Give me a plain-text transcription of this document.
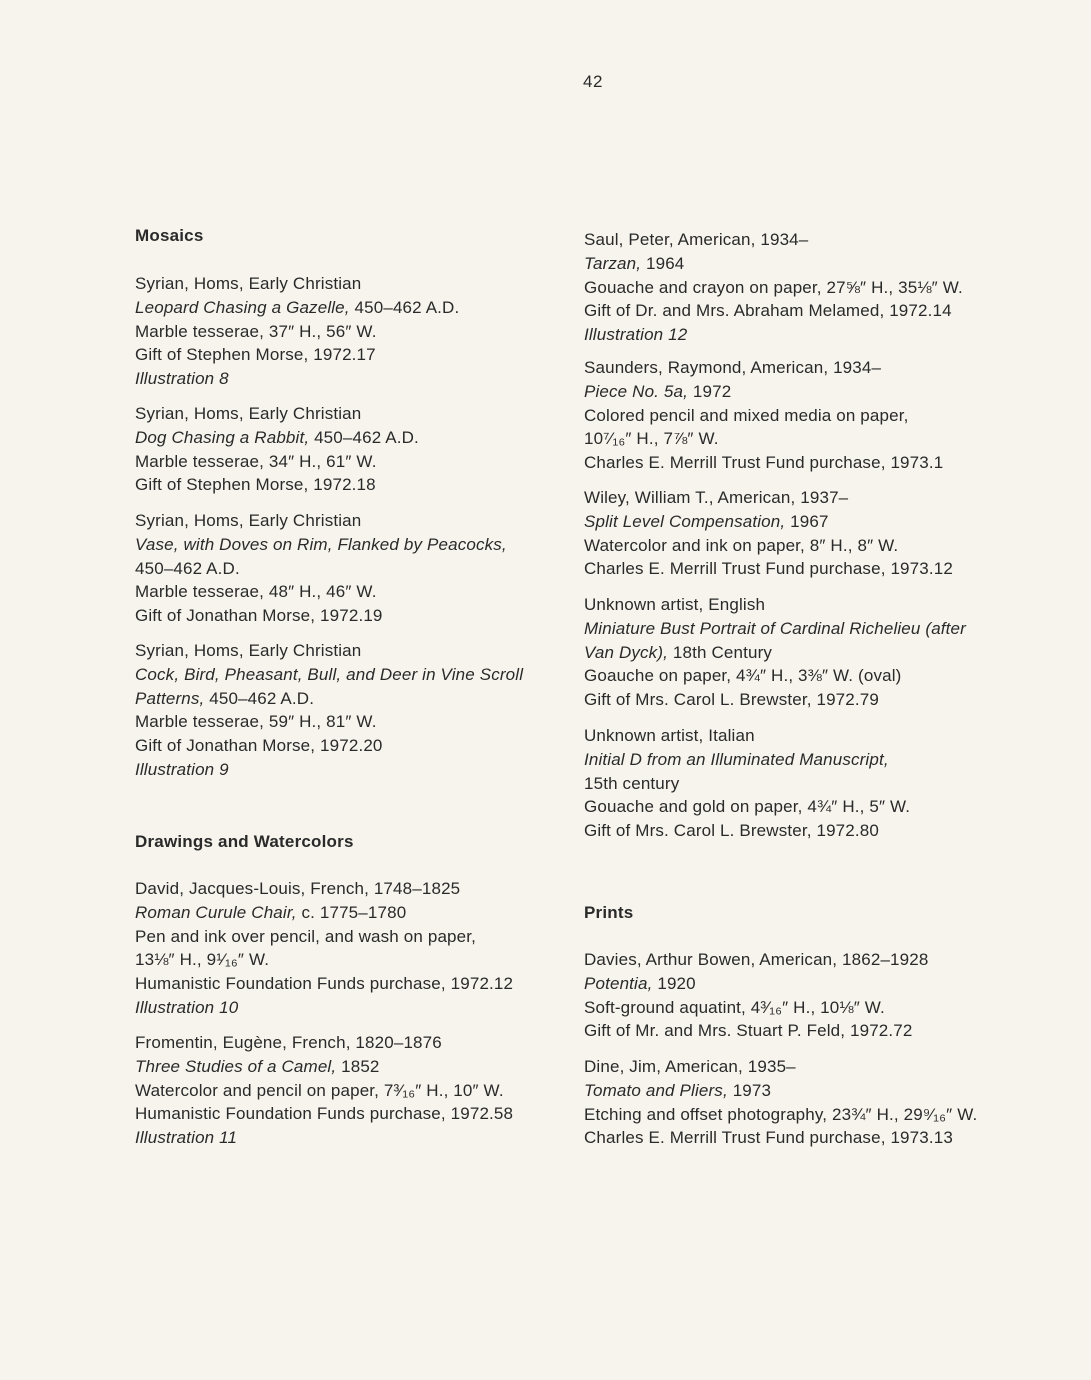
42
Mosaics
Syrian, Homs, Early Christian
Leopard Chasing a Gazelle, 450–462 A.D.
Marble tesserae, 37″ H., 56″ W.
Gift of Stephen Morse, 1972.17
Illustration 8
Syrian, Homs, Early Christian
Dog Chasing a Rabbit, 450–462 A.D.
Marble tesserae, 34″ H., 61″ W.
Gift of Stephen Morse, 1972.18
Syrian, Homs, Early Christian
Vase, with Doves on Rim, Flanked by Peacocks,
450–462 A.D.
Marble tesserae, 48″ H., 46″ W.
Gift of Jonathan Morse, 1972.19
Syrian, Homs, Early Christian
Cock, Bird, Pheasant, Bull, and Deer in Vine Scroll
Patterns, 450–462 A.D.
Marble tesserae, 59″ H., 81″ W.
Gift of Jonathan Morse, 1972.20
Illustration 9
Drawings and Watercolors
David, Jacques-Louis, French, 1748–1825
Roman Curule Chair, c. 1775–1780
Pen and ink over pencil, and wash on paper,
13⅛″ H., 9¹⁄₁₆″ W.
Humanistic Foundation Funds purchase, 1972.12
Illustration 10
Fromentin, Eugène, French, 1820–1876
Three Studies of a Camel, 1852
Watercolor and pencil on paper, 7³⁄₁₆″ H., 10″ W.
Humanistic Foundation Funds purchase, 1972.58
Illustration 11
Saul, Peter, American, 1934–
Tarzan, 1964
Gouache and crayon on paper, 27⅝″ H., 35⅛″ W.
Gift of Dr. and Mrs. Abraham Melamed, 1972.14
Illustration 12
Saunders, Raymond, American, 1934–
Piece No. 5a, 1972
Colored pencil and mixed media on paper,
10⁷⁄₁₆″ H., 7⅞″ W.
Charles E. Merrill Trust Fund purchase, 1973.1
Wiley, William T., American, 1937–
Split Level Compensation, 1967
Watercolor and ink on paper, 8″ H., 8″ W.
Charles E. Merrill Trust Fund purchase, 1973.12
Unknown artist, English
Miniature Bust Portrait of Cardinal Richelieu (after
Van Dyck), 18th Century
Goauche on paper, 4¾″ H., 3⅜″ W. (oval)
Gift of Mrs. Carol L. Brewster, 1972.79
Unknown artist, Italian
Initial D from an Illuminated Manuscript,
15th century
Gouache and gold on paper, 4¾″ H., 5″ W.
Gift of Mrs. Carol L. Brewster, 1972.80
Prints
Davies, Arthur Bowen, American, 1862–1928
Potentia, 1920
Soft-ground aquatint, 4³⁄₁₆″ H., 10⅛″ W.
Gift of Mr. and Mrs. Stuart P. Feld, 1972.72
Dine, Jim, American, 1935–
Tomato and Pliers, 1973
Etching and offset photography, 23¾″ H., 29⁹⁄₁₆″ W.
Charles E. Merrill Trust Fund purchase, 1973.13
